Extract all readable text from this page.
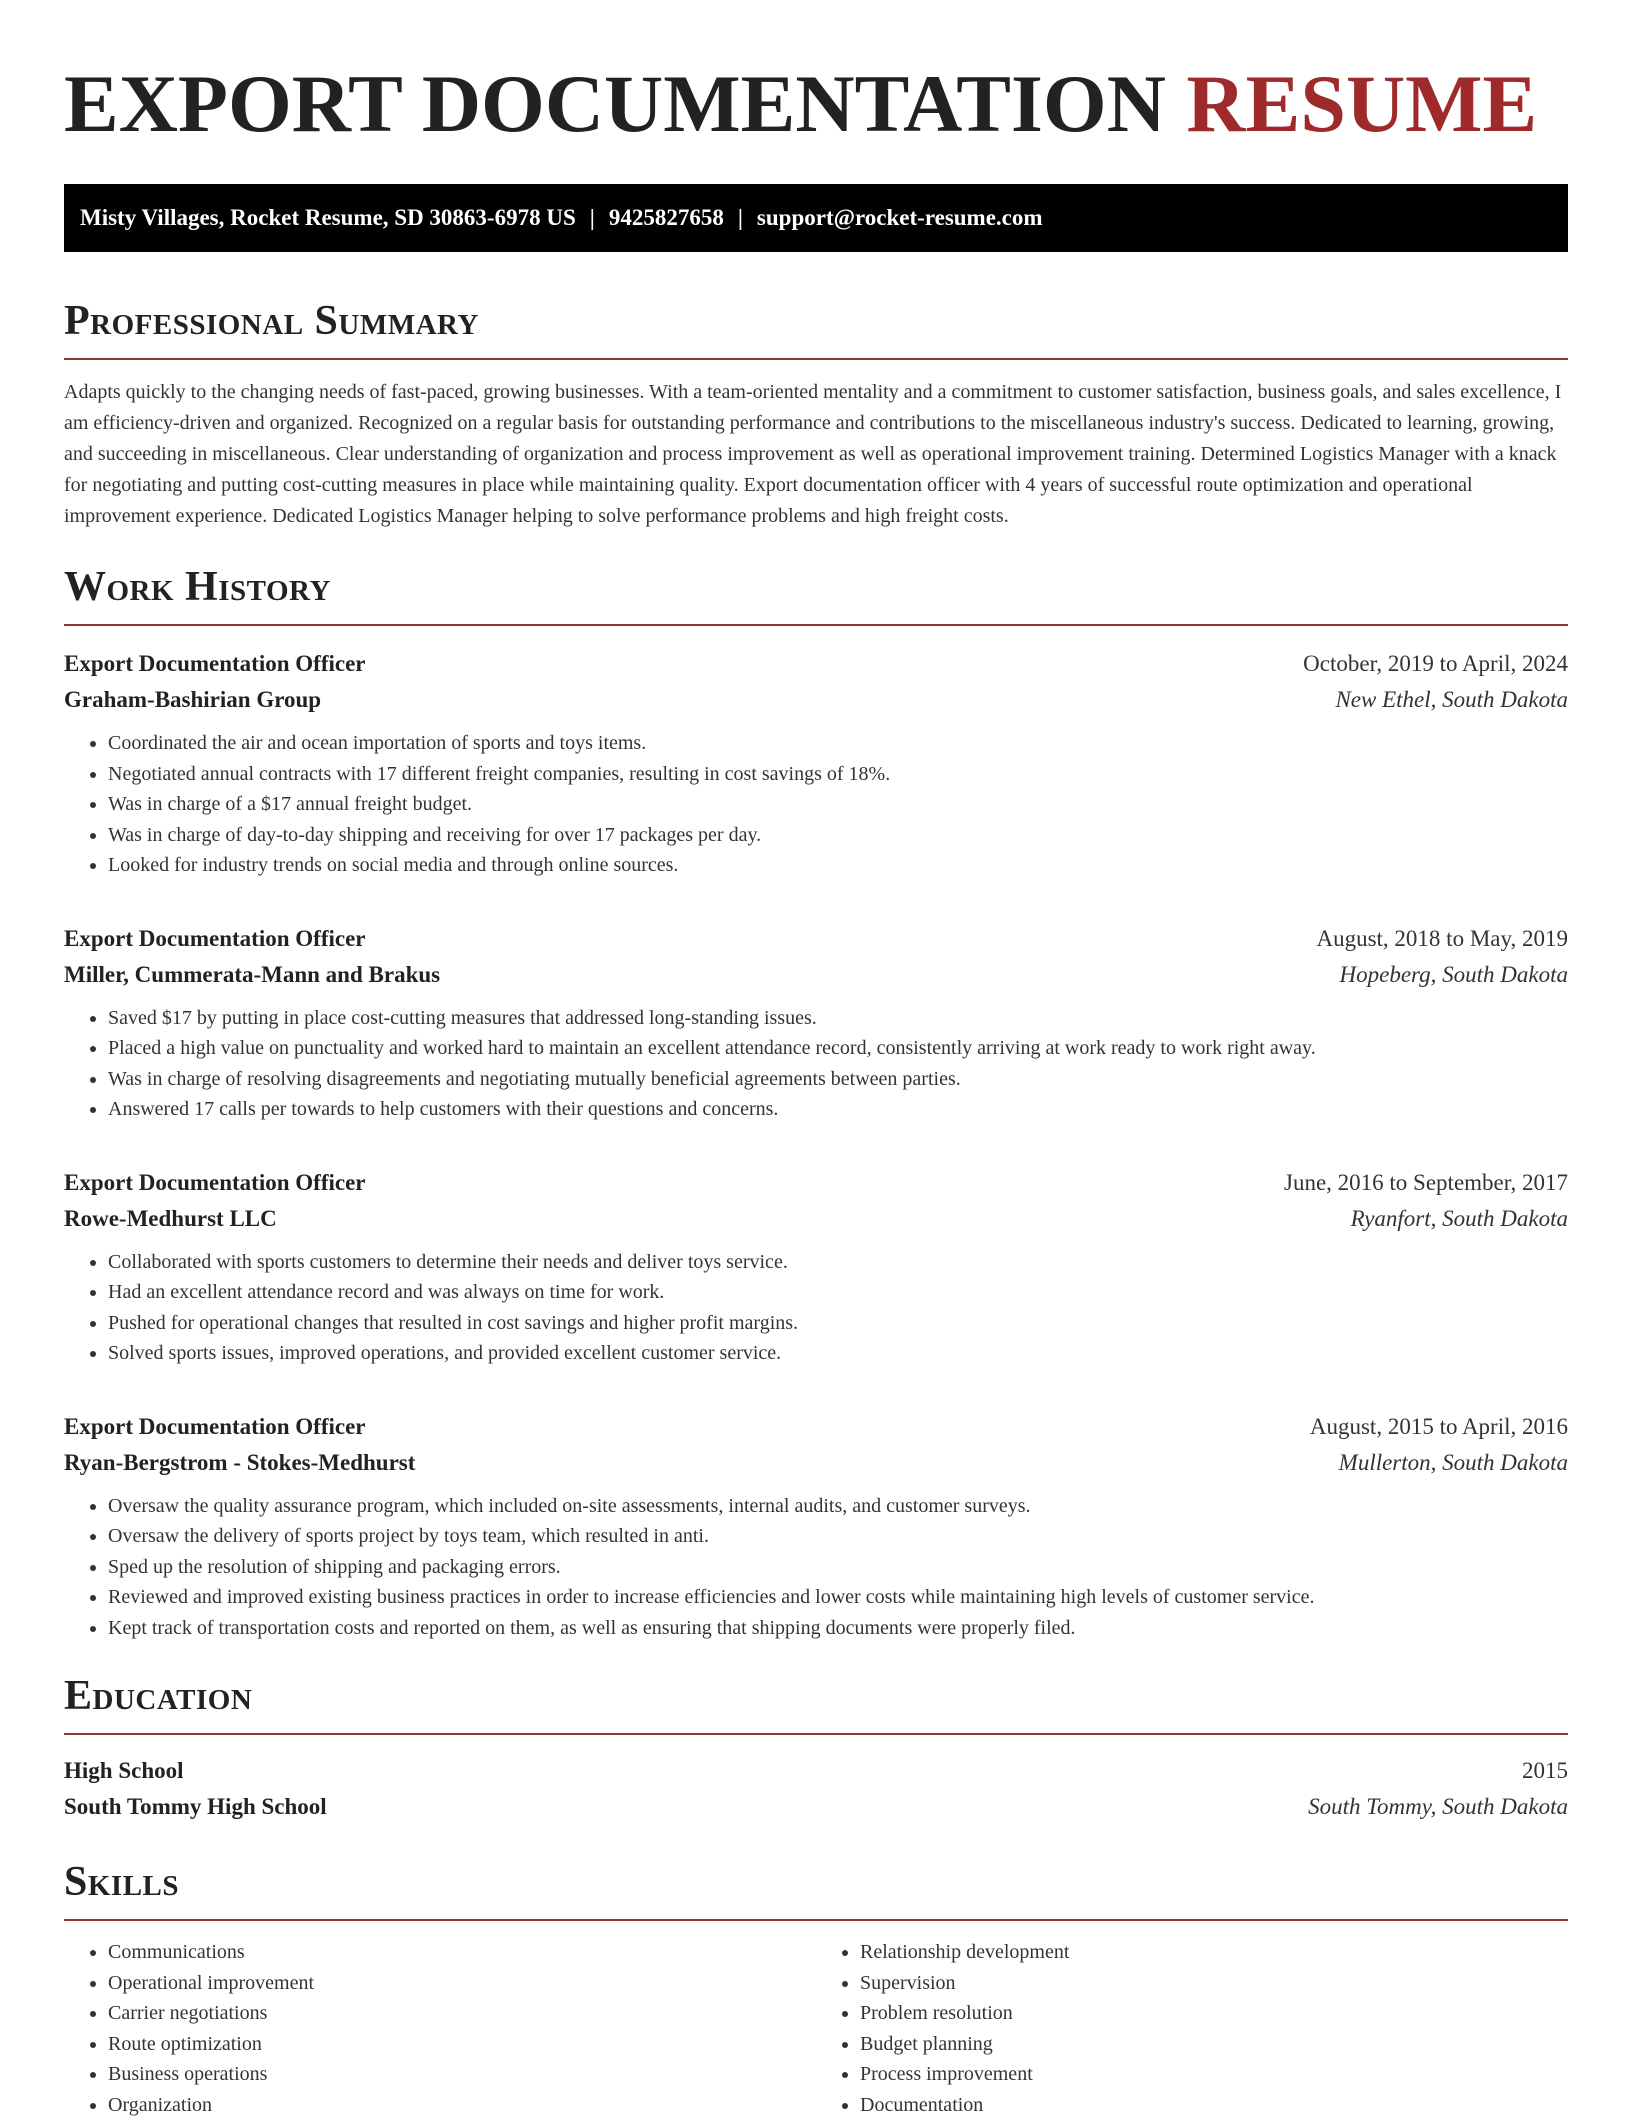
EXPORT DOCUMENTATION RESUME
Misty Villages, Rocket Resume, SD 30863-6978 US | 9425827658 | support@rocket-resume.com
Professional Summary

Adapts quickly to the changing needs of fast-paced, growing businesses. With a team-oriented mentality and a commitment to customer satisfaction, business goals, and sales excellence, I am efficiency-driven and organized. Recognized on a regular basis for outstanding performance and contributions to the miscellaneous industry's success. Dedicated to learning, growing, and succeeding in miscellaneous. Clear understanding of organization and process improvement as well as operational improvement training. Determined Logistics Manager with a knack for negotiating and putting cost-cutting measures in place while maintaining quality. Export documentation officer with 4 years of successful route optimization and operational improvement experience. Dedicated Logistics Manager helping to solve performance problems and high freight costs.

Work History
Export Documentation Officer	October, 2019 to April, 2024
Graham-Bashirian Group	New Ethel, South Dakota
• Coordinated the air and ocean importation of sports and toys items.
• Negotiated annual contracts with 17 different freight companies, resulting in cost savings of 18%.
• Was in charge of a $17 annual freight budget.
• Was in charge of day-to-day shipping and receiving for over 17 packages per day.
• Looked for industry trends on social media and through online sources.
Export Documentation Officer	August, 2018 to May, 2019
Miller, Cummerata-Mann and Brakus	Hopeberg, South Dakota
• Saved $17 by putting in place cost-cutting measures that addressed long-standing issues.
• Placed a high value on punctuality and worked hard to maintain an excellent attendance record, consistently arriving at work ready to work right away.
• Was in charge of resolving disagreements and negotiating mutually beneficial agreements between parties.
• Answered 17 calls per towards to help customers with their questions and concerns.
Export Documentation Officer	June, 2016 to September, 2017
Rowe-Medhurst LLC	Ryanfort, South Dakota
• Collaborated with sports customers to determine their needs and deliver toys service.
• Had an excellent attendance record and was always on time for work.
• Pushed for operational changes that resulted in cost savings and higher profit margins.
• Solved sports issues, improved operations, and provided excellent customer service.
Export Documentation Officer	August, 2015 to April, 2016
Ryan-Bergstrom - Stokes-Medhurst	Mullerton, South Dakota
• Oversaw the quality assurance program, which included on-site assessments, internal audits, and customer surveys.
• Oversaw the delivery of sports project by toys team, which resulted in anti.
• Sped up the resolution of shipping and packaging errors.
• Reviewed and improved existing business practices in order to increase efficiencies and lower costs while maintaining high levels of customer service.
• Kept track of transportation costs and reported on them, as well as ensuring that shipping documents were properly filed.
Education
High School	2015
South Tommy High School	South Tommy, South Dakota
Skills
• Communications
• Operational improvement
• Carrier negotiations
• Route optimization
• Business operations
• Organization
• Relationship development
• Supervision
• Problem resolution
• Budget planning
• Process improvement
• Documentation
